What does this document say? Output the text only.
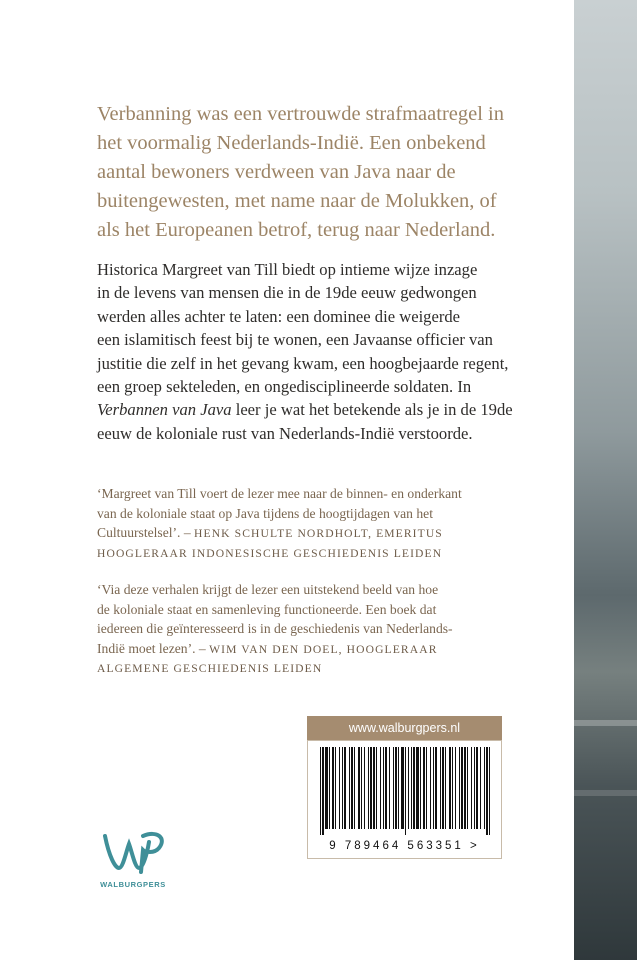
Verbanning was een vertrouwde strafmaatregel in

het voormalig Nederlands-Indië. Een onbekend

aantal bewoners verdween van Java naar de

buitengewesten, met name naar de Molukken, of

als het Europeanen betrof, terug naar Nederland.

Historica Margreet van Till biedt op intieme wijze inzage

in de levens van mensen die in de 19de eeuw gedwongen

werden alles achter te laten: een dominee die weigerde

een islamitisch feest bij te wonen, een Javaanse officier van

justitie die zelf in het gevang kwam, een hoogbejaarde regent,

een groep sekteleden, en ongedisciplineerde soldaten. In

Verbannen van Java leer je wat het betekende als je in de 19de

eeuw de koloniale rust van Nederlands-Indië verstoorde.

‘Margreet van Till voert de lezer mee naar de binnen- en onderkant

van de koloniale staat op Java tijdens de hoogtijdagen van het

Cultuurstelsel’. – HENK SCHULTE NORDHOLT, EMERITUS

HOOGLERAAR INDONESISCHE GESCHIEDENIS LEIDEN

‘Via deze verhalen krijgt de lezer een uitstekend beeld van hoe

de koloniale staat en samenleving functioneerde. Een boek dat

iedereen die geïnteresseerd is in de geschiedenis van Nederlands-

Indië moet lezen’. – WIM VAN DEN DOEL, HOOGLERAAR

ALGEMENE GESCHIEDENIS LEIDEN

www.walburgpers.nl
9 789464 563351 >
WALBURGPERS
